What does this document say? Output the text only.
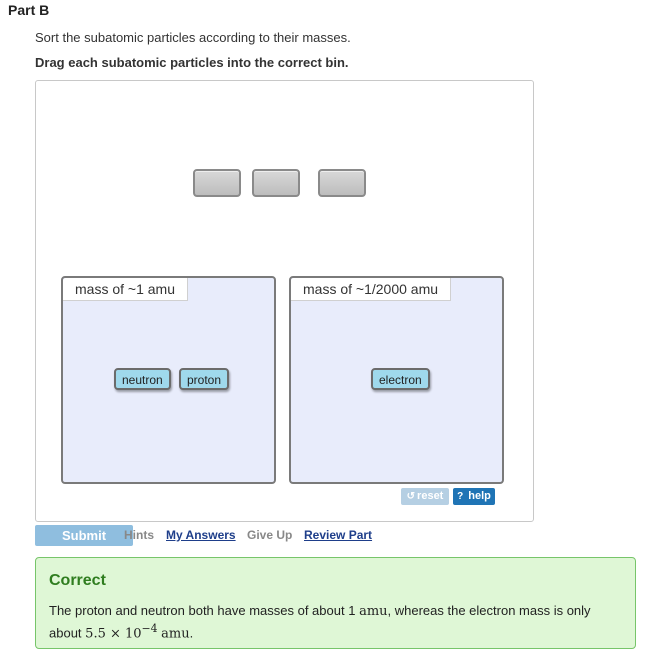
Part B
Sort the subatomic particles according to their masses.
Drag each subatomic particles into the correct bin.
mass of ~1 amu
neutron	proton
mass of ~1/2000 amu
electron
↺ reset	? help
Submit	Hints My Answers Give Up Review Part
Correct
The proton and neutron both have masses of about 1 amu, whereas the electron mass is only about $5.5 \times 10^{-4}$ amu.
